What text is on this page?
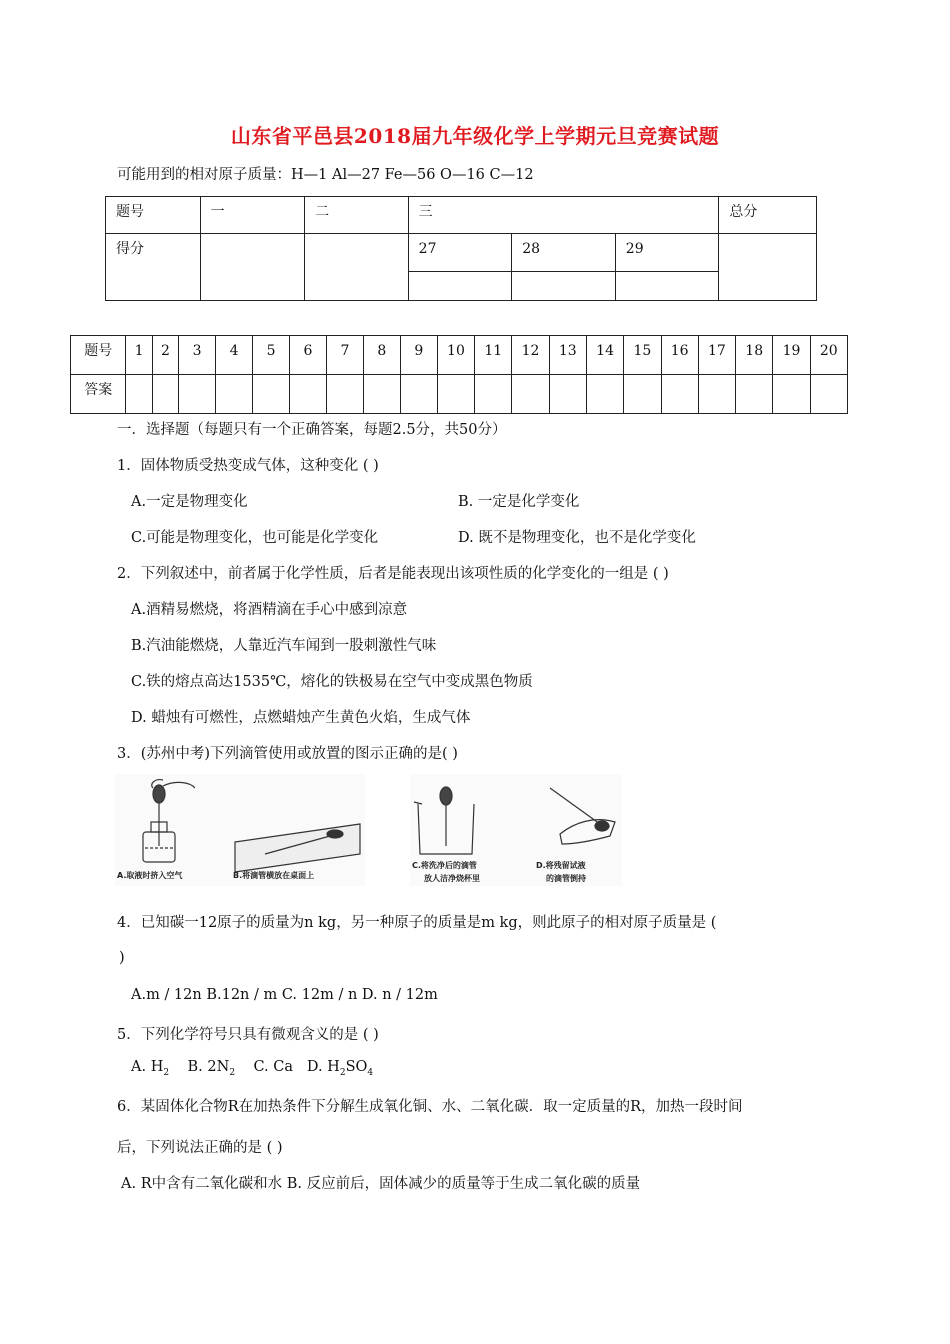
山东省平邑县2018届九年级化学上学期元旦竞赛试题
可能用到的相对原子质量：H—1 Al—27 Fe—56 O—16 C—12
题号	一	二	三			总分
得分			27	28	29	

题号	1	2	3	4	5	6	7	8	9	10	11	12	13	14	15	16	17	18	19	20
答案																				
一．选择题（每题只有一个正确答案，每题2.5分，共50分）
1．固体物质受热变成气体，这种变化 ( )
A.一定是物理变化	B. 一定是化学变化
C.可能是物理变化，也可能是化学变化	D. 既不是物理变化，也不是化学变化
2．下列叙述中，前者属于化学性质，后者是能表现出该项性质的化学变化的一组是 ( )
A.酒精易燃烧，将酒精滴在手心中感到凉意
B.汽油能燃烧，人靠近汽车闻到一股刺激性气味
C.铁的熔点高达1535℃，熔化的铁极易在空气中变成黑色物质
D. 蜡烛有可燃性，点燃蜡烛产生黄色火焰，生成气体
3．(苏州中考)下列滴管使用或放置的图示正确的是( )
A.取液时挤入空气	B.将滴管横放在桌面上
C.将洗净后的滴管
放人洁净烧杯里
D.将残留试液
的滴管倒持
4．已知碳一12原子的质量为n kg，另一种原子的质量是m kg，则此原子的相对原子质量是 (
)
A.m / 12n B.12n / m C. 12m / n D. n / 12m
5．下列化学符号只具有微观含义的是 ( )
A. $H_2$ B. $2N_2$ C. Ca D. $H_2SO_4$
6．某固体化合物R在加热条件下分解生成氧化铜、水、二氧化碳．取一定质量的R，加热一段时间
后，下列说法正确的是 ( )
A. R中含有二氧化碳和水 B. 反应前后，固体减少的质量等于生成二氧化碳的质量
